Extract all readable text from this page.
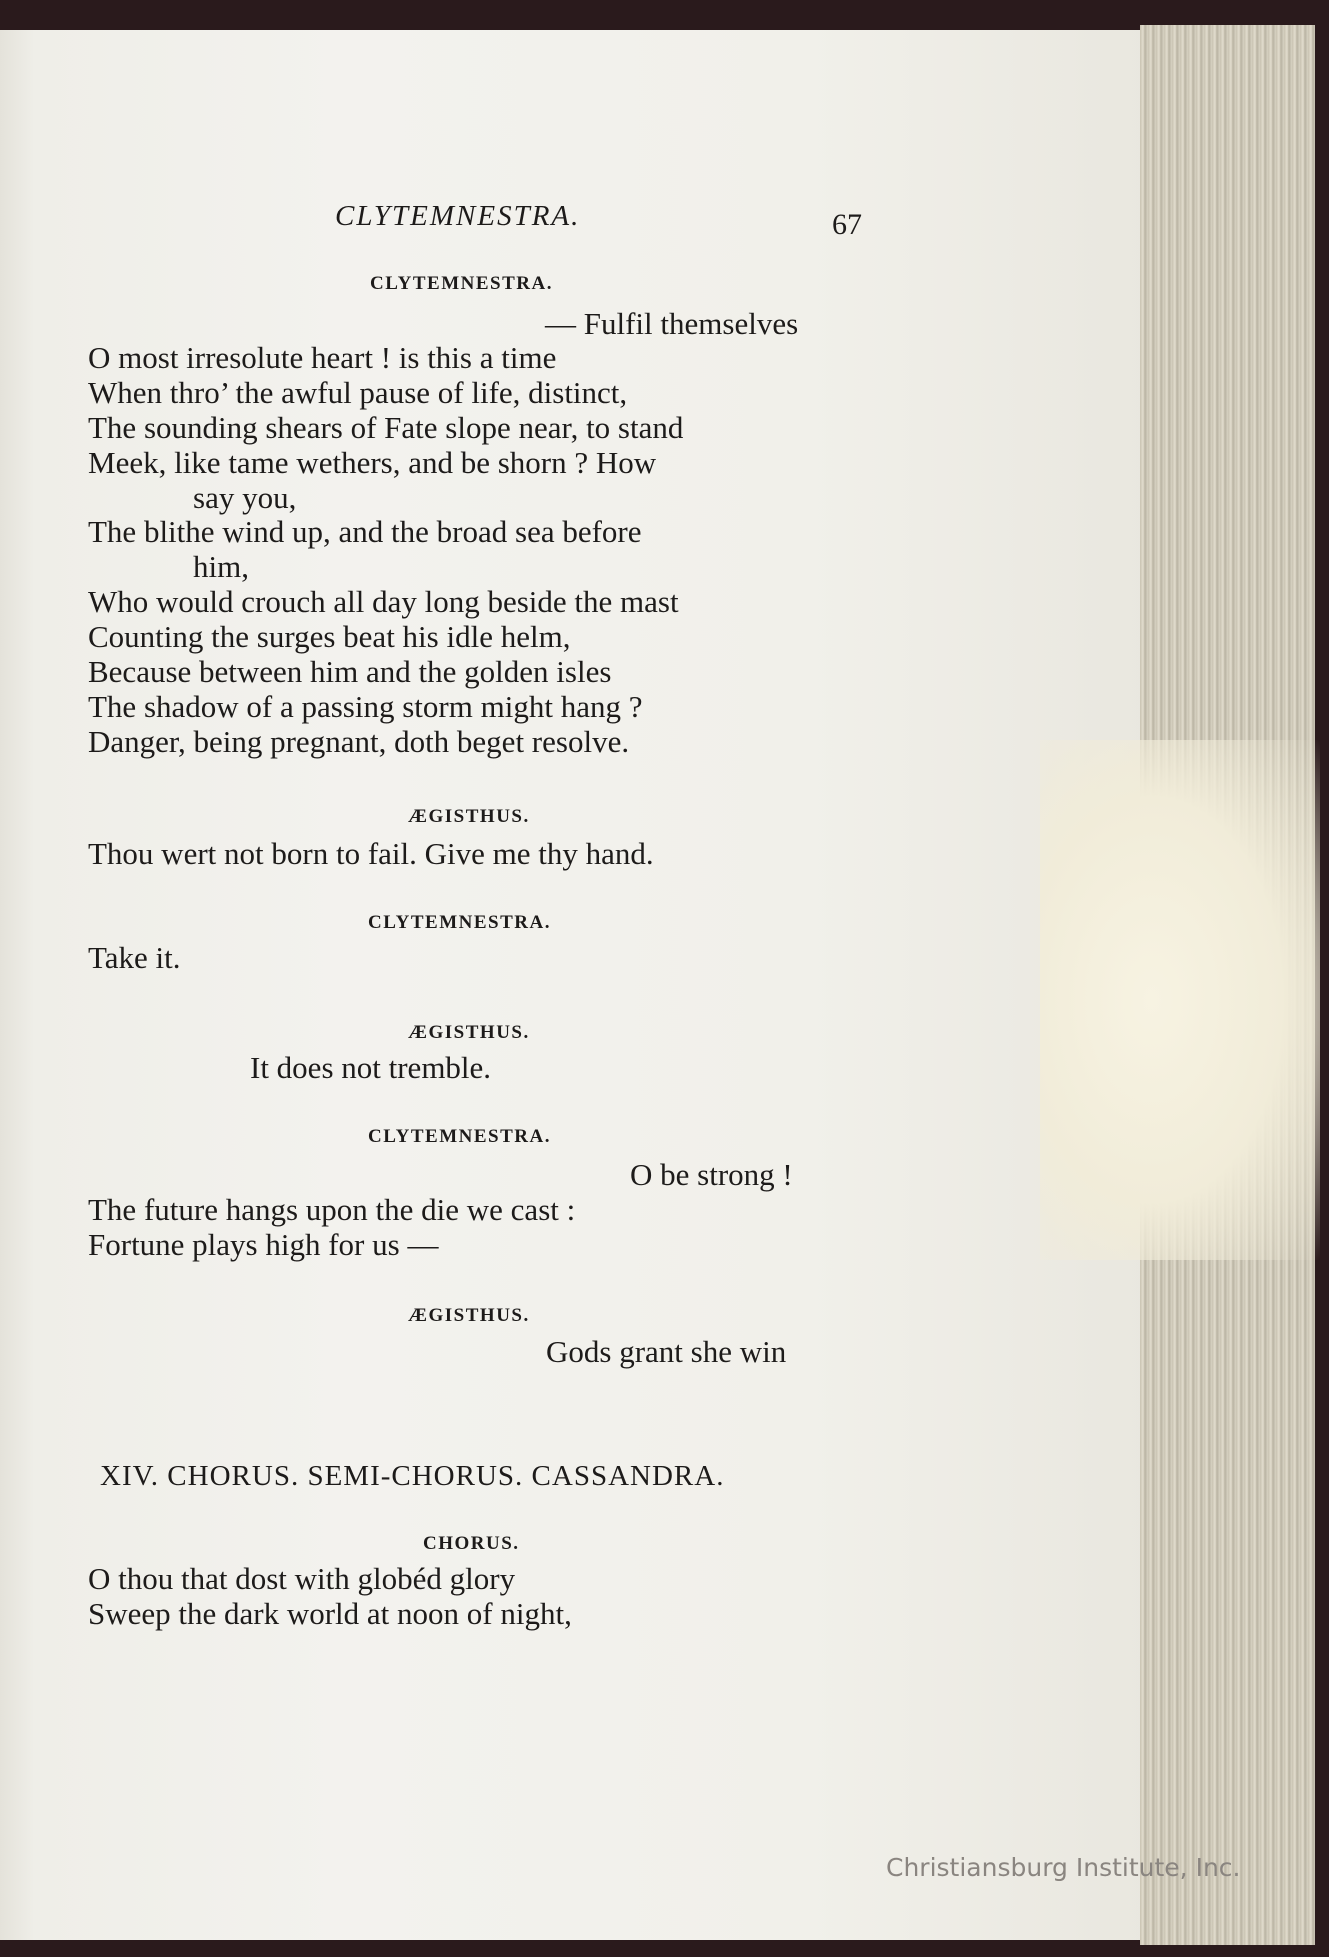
CLYTEMNESTRA.	67
CLYTEMNESTRA.
— Fulfil themselves
O most irresolute heart ! is this a time
When thro’ the awful pause of life, distinct,
The sounding shears of Fate slope near, to stand
Meek, like tame wethers, and be shorn ? How
say you,
The blithe wind up, and the broad sea before
him,
Who would crouch all day long beside the mast
Counting the surges beat his idle helm,
Because between him and the golden isles
The shadow of a passing storm might hang ?
Danger, being pregnant, doth beget resolve.
ÆGISTHUS.
Thou wert not born to fail. Give me thy hand.
CLYTEMNESTRA.
Take it.
ÆGISTHUS.
It does not tremble.
CLYTEMNESTRA.
O be strong !
The future hangs upon the die we cast :
Fortune plays high for us —
ÆGISTHUS.
Gods grant she win
XIV. CHORUS. SEMI-CHORUS. CASSANDRA.
CHORUS.
O thou that dost with globéd glory
Sweep the dark world at noon of night,
Christiansburg Institute, Inc.
